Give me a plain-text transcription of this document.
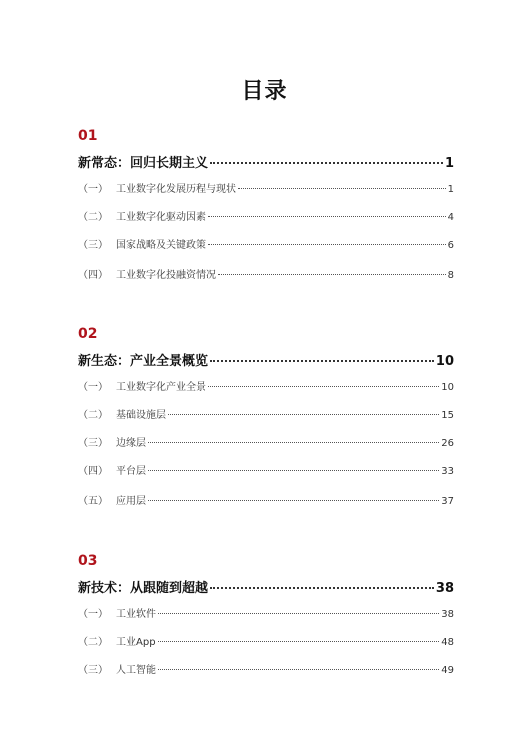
目录
01
新常态：回归长期主义	1
（一） 工业数字化发展历程与现状	1
（二） 工业数字化驱动因素	4
（三） 国家战略及关键政策	6
（四） 工业数字化投融资情况	8
02
新生态：产业全景概览	10
（一） 工业数字化产业全景	10
（二） 基础设施层	15
（三） 边缘层	26
（四） 平台层	33
（五） 应用层	37
03
新技术：从跟随到超越	38
（一） 工业软件	38
（二） 工业App	48
（三） 人工智能	49
